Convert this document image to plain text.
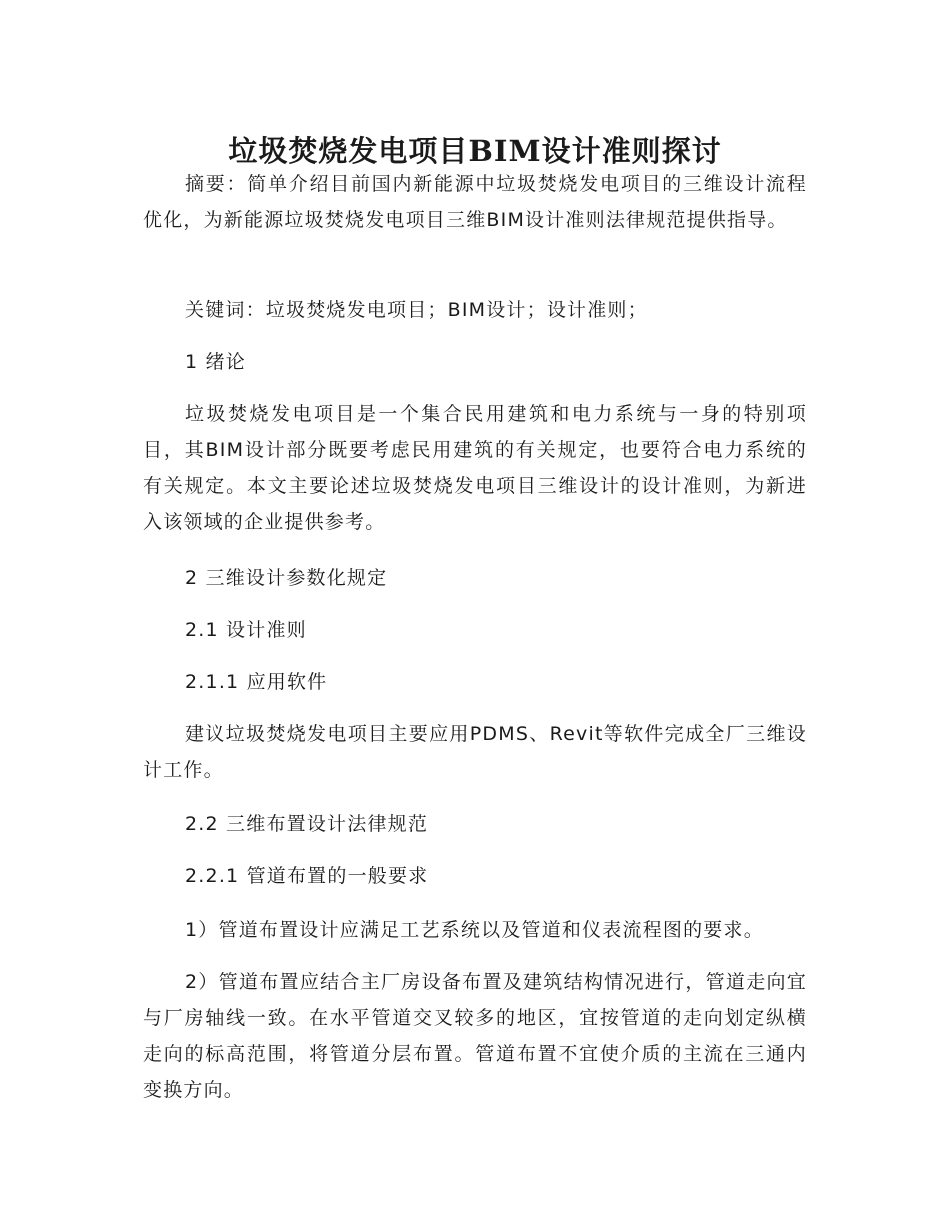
垃圾焚烧发电项目BIM设计准则探讨

摘要：简单介绍目前国内新能源中垃圾焚烧发电项目的三维设计流程优化，为新能源垃圾焚烧发电项目三维BIM设计准则法律规范提供指导。

关键词：垃圾焚烧发电项目；BIM设计；设计准则；

1 绪论

垃圾焚烧发电项目是一个集合民用建筑和电力系统与一身的特别项目，其BIM设计部分既要考虑民用建筑的有关规定，也要符合电力系统的有关规定。本文主要论述垃圾焚烧发电项目三维设计的设计准则，为新进入该领域的企业提供参考。

2 三维设计参数化规定

2.1 设计准则

2.1.1 应用软件

建议垃圾焚烧发电项目主要应用PDMS、Revit等软件完成全厂三维设计工作。

2.2 三维布置设计法律规范

2.2.1 管道布置的一般要求

1）管道布置设计应满足工艺系统以及管道和仪表流程图的要求。

2）管道布置应结合主厂房设备布置及建筑结构情况进行，管道走向宜与厂房轴线一致。在水平管道交叉较多的地区，宜按管道的走向划定纵横走向的标高范围，将管道分层布置。管道布置不宜使介质的主流在三通内变换方向。
